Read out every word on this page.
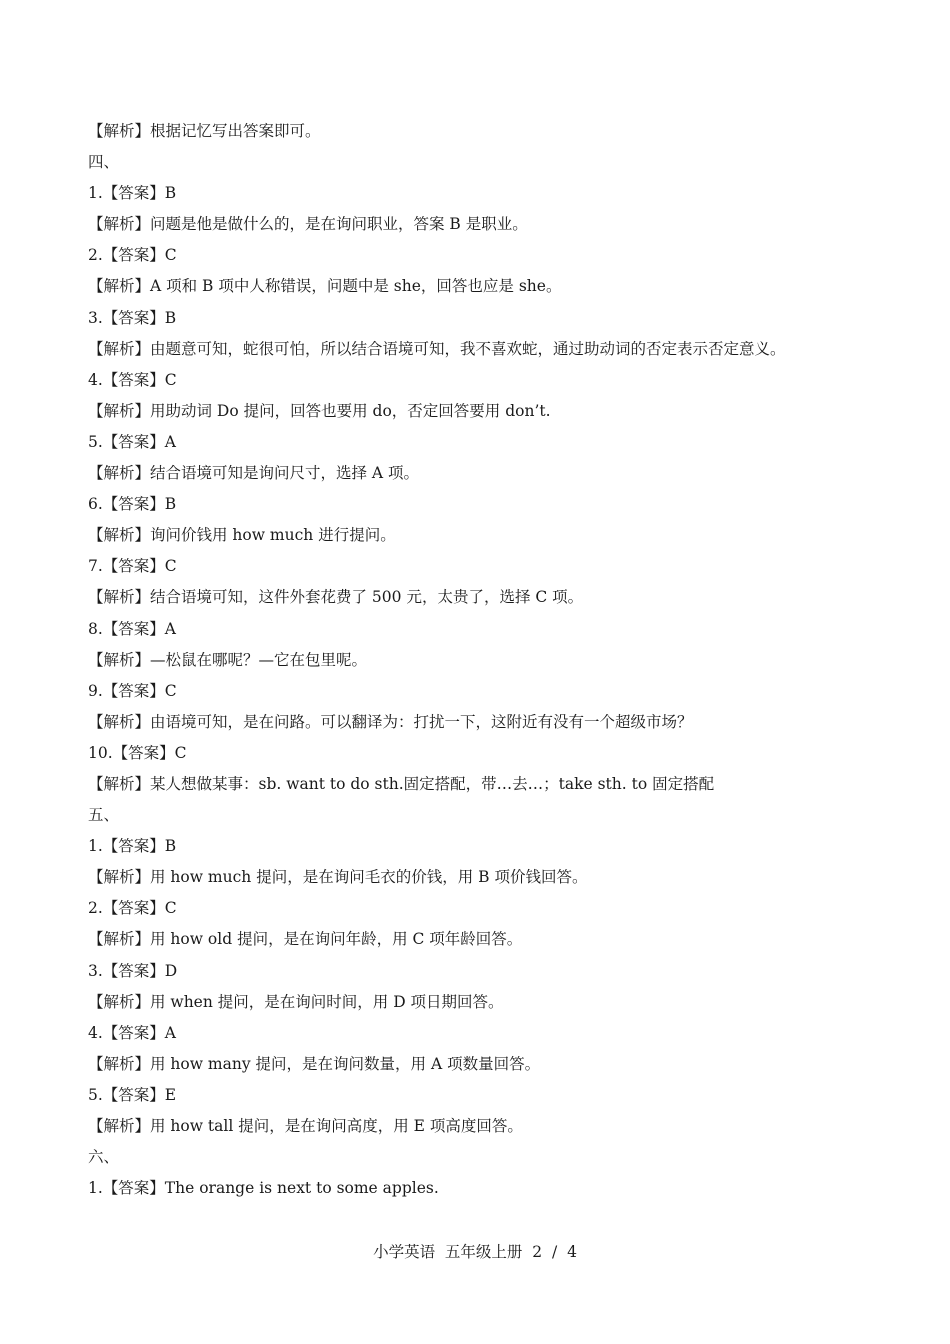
【解析】根据记忆写出答案即可。
四、
1.【答案】B
【解析】问题是他是做什么的，是在询问职业，答案 B 是职业。
2.【答案】C
【解析】A 项和 B 项中人称错误，问题中是 she，回答也应是 she。
3.【答案】B
【解析】由题意可知，蛇很可怕，所以结合语境可知，我不喜欢蛇，通过助动词的否定表示否定意义。
4.【答案】C
【解析】用助动词 Do 提问，回答也要用 do，否定回答要用 don’t.
5.【答案】A
【解析】结合语境可知是询问尺寸，选择 A 项。
6.【答案】B
【解析】询问价钱用 how much 进行提问。
7.【答案】C
【解析】结合语境可知，这件外套花费了 500 元，太贵了，选择 C 项。
8.【答案】A
【解析】—松鼠在哪呢？—它在包里呢。
9.【答案】C
【解析】由语境可知，是在问路。可以翻译为：打扰一下，这附近有没有一个超级市场？
10.【答案】C
【解析】某人想做某事：sb. want to do sth.固定搭配，带…去…；take sth. to 固定搭配
五、
1.【答案】B
【解析】用 how much 提问，是在询问毛衣的价钱，用 B 项价钱回答。
2.【答案】C
【解析】用 how old 提问，是在询问年龄，用 C 项年龄回答。
3.【答案】D
【解析】用 when 提问，是在询问时间，用 D 项日期回答。
4.【答案】A
【解析】用 how many 提问，是在询问数量，用 A 项数量回答。
5.【答案】E
【解析】用 how tall 提问，是在询问高度，用 E 项高度回答。
六、
1.【答案】The orange is next to some apples.
小学英语  五年级上册  2  /  4
